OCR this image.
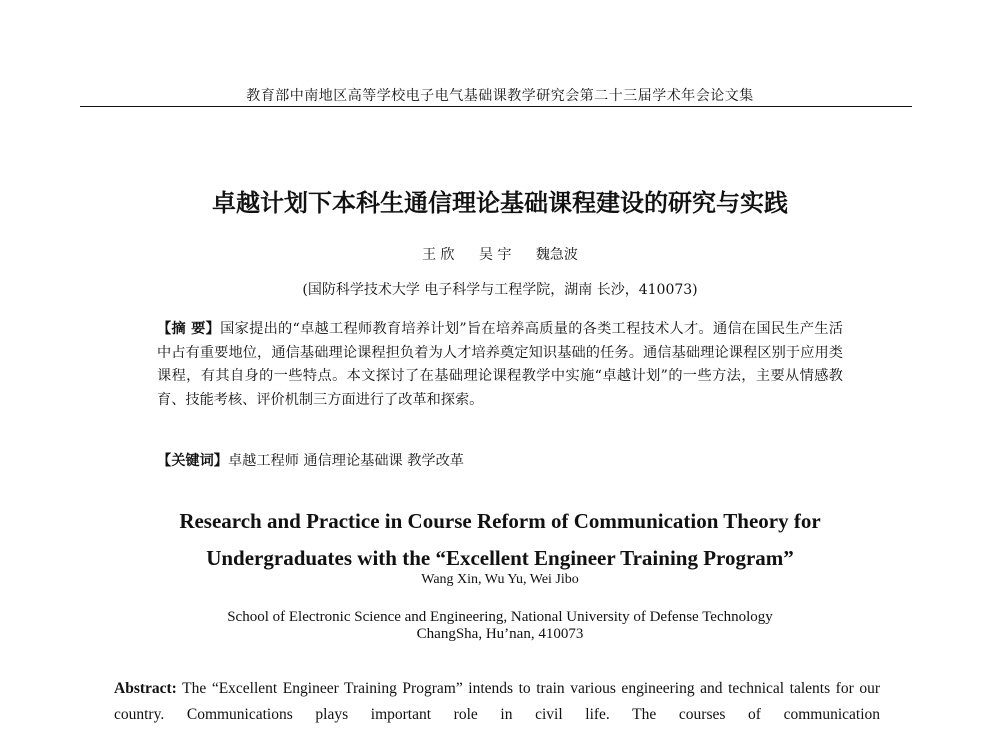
教育部中南地区高等学校电子电气基础课教学研究会第二十三届学术年会论文集
卓越计划下本科生通信理论基础课程建设的研究与实践
王 欣 吴 宇 魏急波
(国防科学技术大学 电子科学与工程学院，湖南 长沙，410073)
【摘 要】国家提出的“卓越工程师教育培养计划”旨在培养高质量的各类工程技术人才。通信在国民生产生活中占有重要地位，通信基础理论课程担负着为人才培养奠定知识基础的任务。通信基础理论课程区别于应用类课程，有其自身的一些特点。本文探讨了在基础理论课程教学中实施“卓越计划”的一些方法，主要从情感教育、技能考核、评价机制三方面进行了改革和探索。
【关键词】卓越工程师 通信理论基础课 教学改革
Research and Practice in Course Reform of Communication Theory for
Undergraduates with the “Excellent Engineer Training Program”
Wang Xin, Wu Yu, Wei Jibo
School of Electronic Science and Engineering, National University of Defense Technology
ChangSha, Hu’nan, 410073
Abstract: The “Excellent Engineer Training Program” intends to train various engineering and technical talents for our country. Communications plays important role in civil life. The courses of communication
